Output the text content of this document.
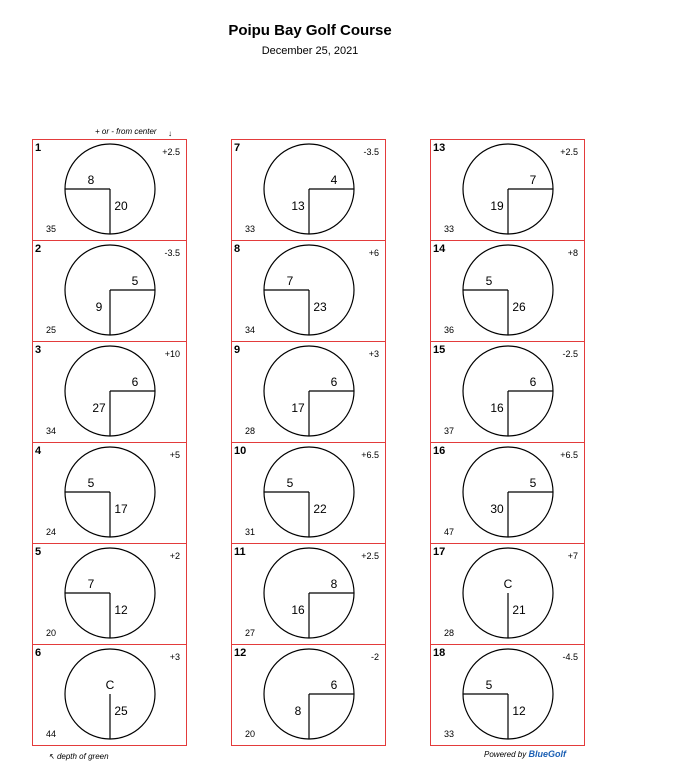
Poipu Bay Golf Course
December 25, 2021
+ or - from center ↓
8
20
1	+2.5
35
5
9
2	-3.5
25
6
27
3	+10
34
5
17
4	+5
24
7
12
5	+2
20
C
25
6	+3
44
4
13
7	-3.5
33
7
23
8	+6
34
6
17
9	+3
28
5
22
10	+6.5
31
8
16
11	+2.5
27
6
8
12	-2
20
7
19
13	+2.5
33
5
26
14	+8
36
6
16
15	-2.5
37
5
30
16	+6.5
47
C
21
17	+7
28
5
12
18	-4.5
33
↖ depth of green	Powered by BlueGolf
